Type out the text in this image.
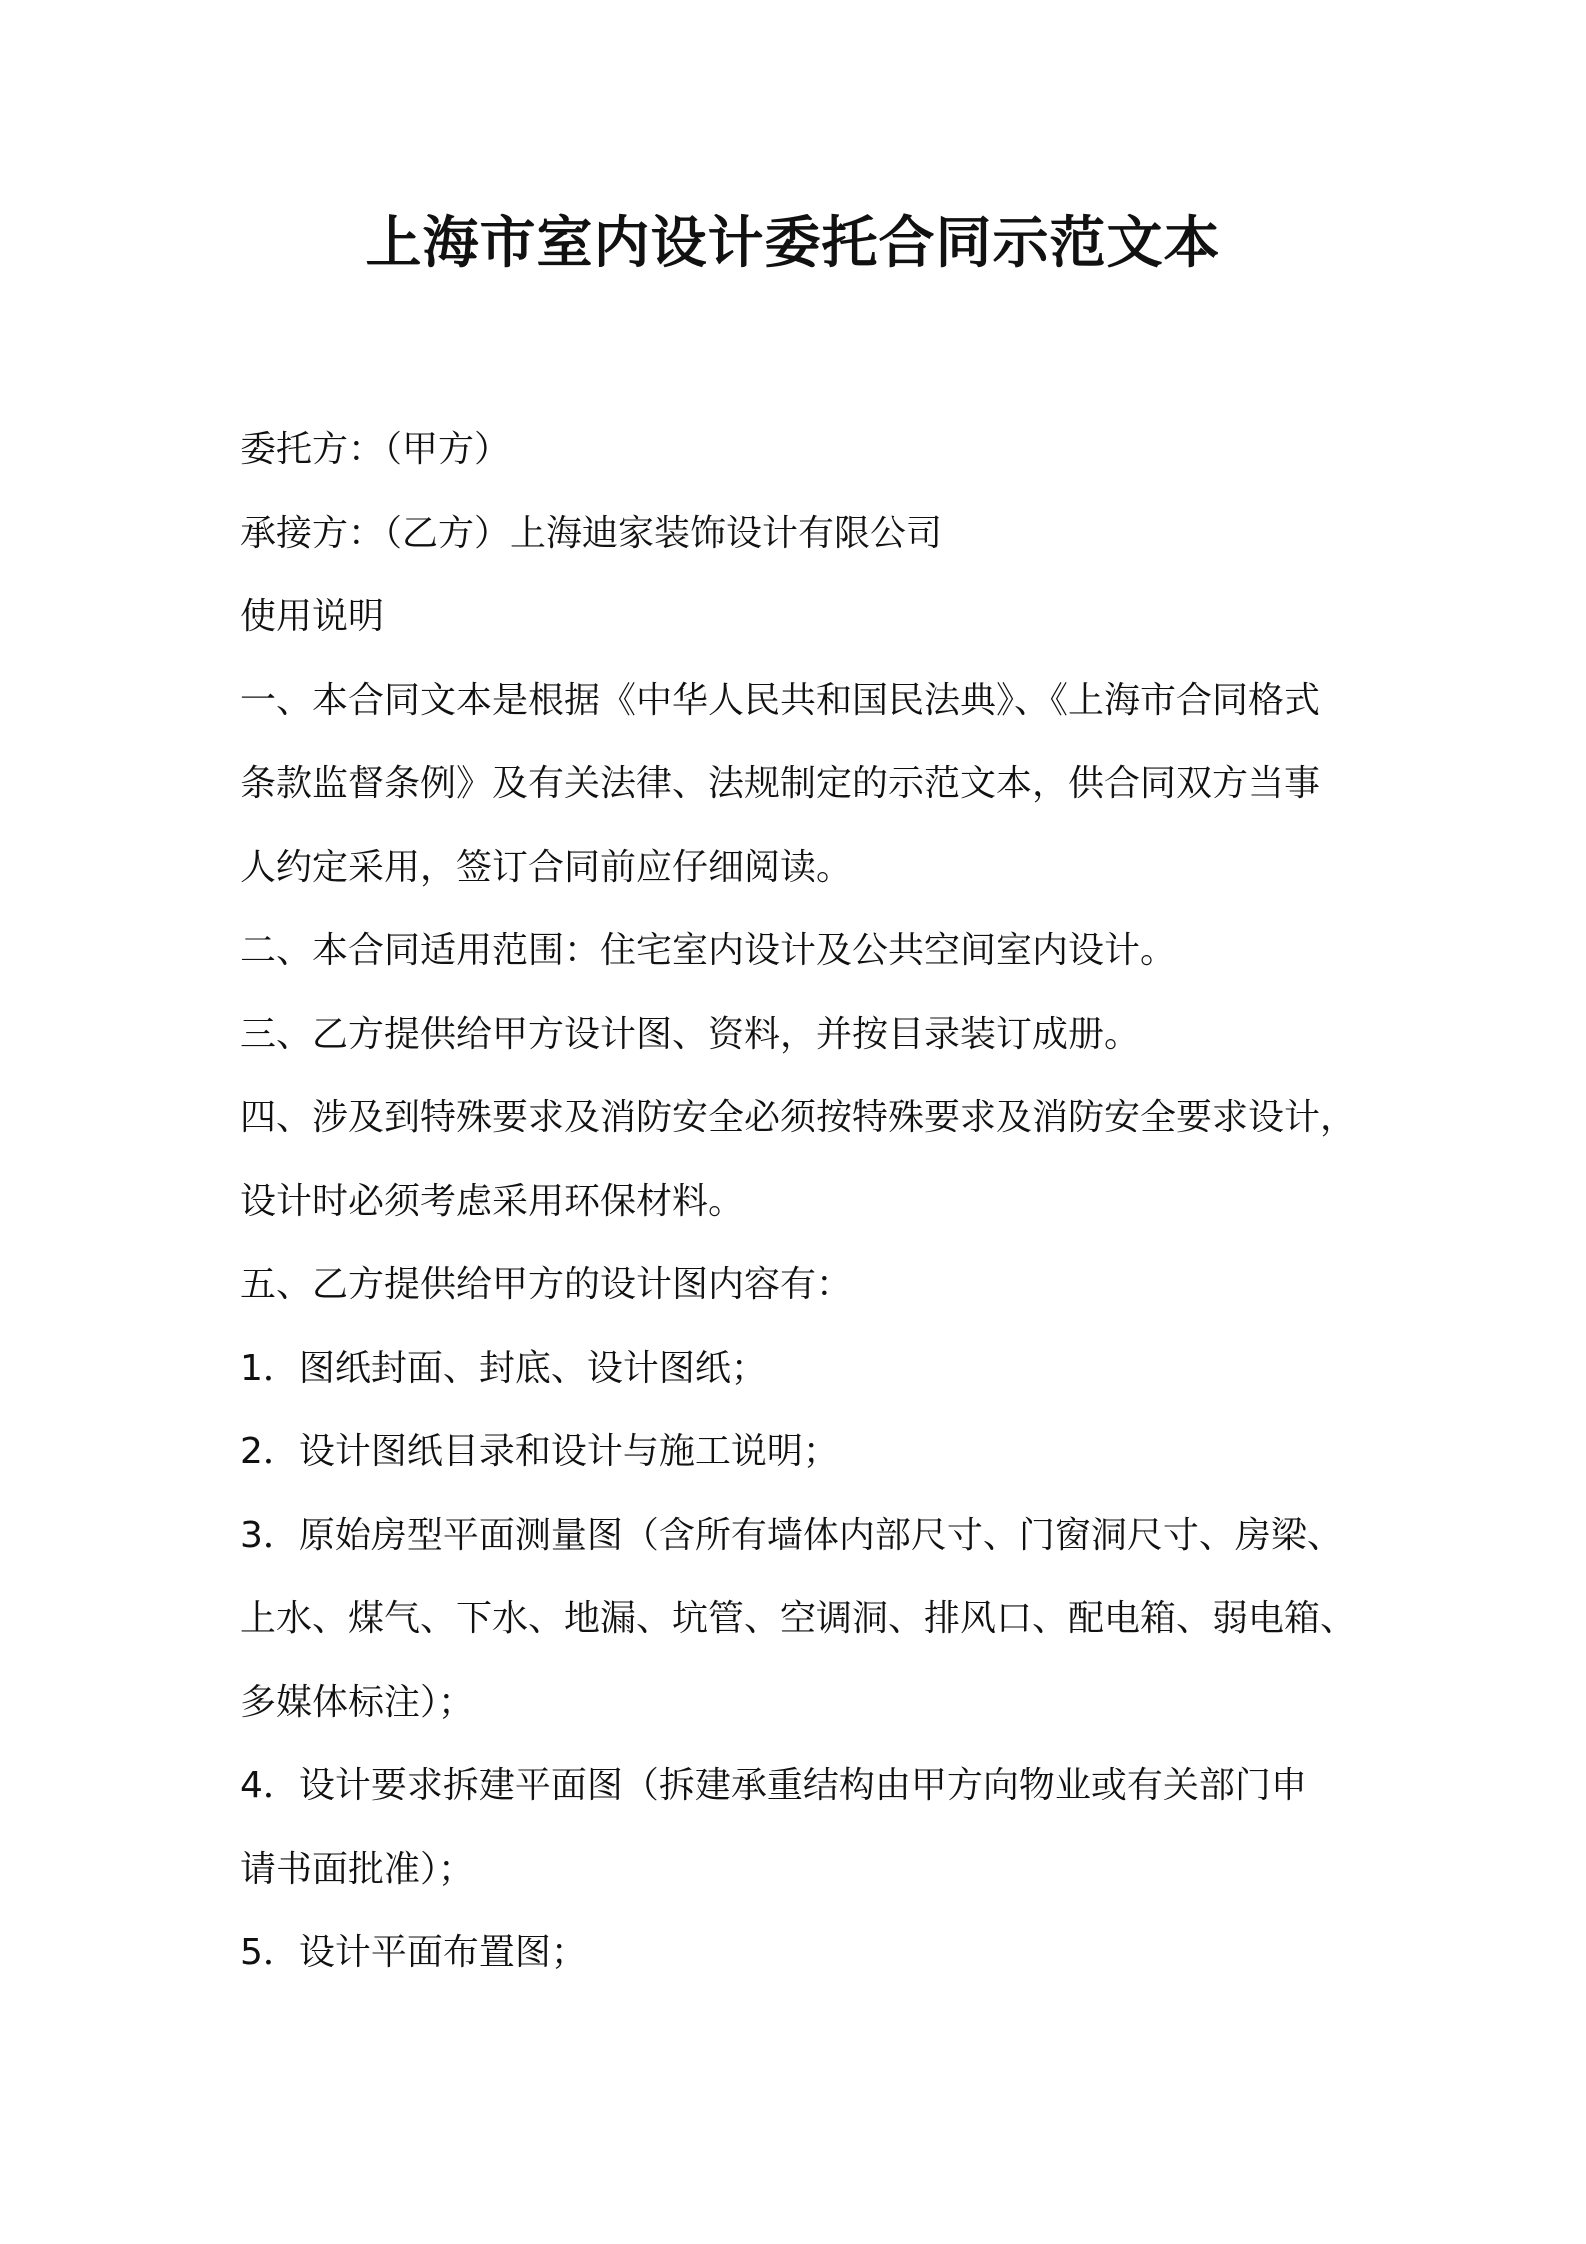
上海市室内设计委托合同示范文本

委托方：（甲方）

承接方：（乙方）上海迪家装饰设计有限公司

使用说明

一、本合同文本是根据《中华人民共和国民法典》、《上海市合同格式

条款监督条例》及有关法律、法规制定的示范文本，供合同双方当事

人约定采用，签订合同前应仔细阅读。

二、本合同适用范围：住宅室内设计及公共空间室内设计。

三、乙方提供给甲方设计图、资料，并按目录装订成册。

四、涉及到特殊要求及消防安全必须按特殊要求及消防安全要求设计，

设计时必须考虑采用环保材料。

五、乙方提供给甲方的设计图内容有：

1．图纸封面、封底、设计图纸；

2．设计图纸目录和设计与施工说明；

3．原始房型平面测量图（含所有墙体内部尺寸、门窗洞尺寸、房梁、

上水、煤气、下水、地漏、坑管、空调洞、排风口、配电箱、弱电箱、

多媒体标注）；

4．设计要求拆建平面图（拆建承重结构由甲方向物业或有关部门申

请书面批准）；

5．设计平面布置图；
